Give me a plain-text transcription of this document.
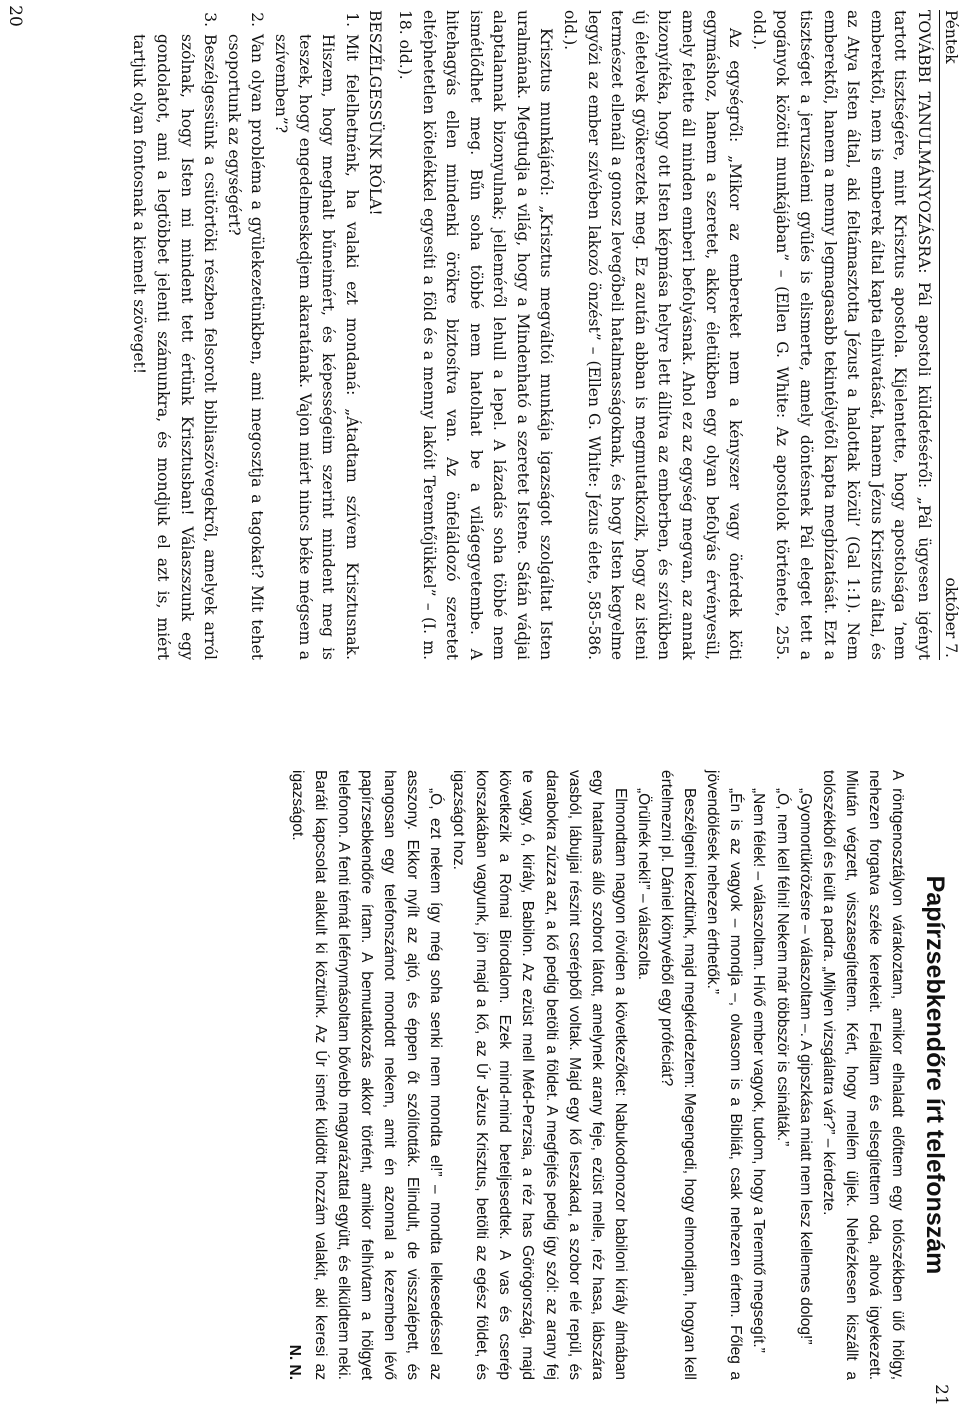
20
21
Péntek
október 7.

TOVÁBBI TANULMÁNYOZÁSRA: Pál apostoli küldetéséről: „Pál ügyesen igényt tartott tisztségére, mint Krisztus apostola. Kijelentette, hogy apostolsága ’nem emberektől, nem is emberek által kapta elhivatását, hanem Jézus Krisztus által, és az Atya Isten által, aki feltámasztotta Jézust a halottak közül’ (Gal 1:1). Nem emberektől, hanem a menny legmagasabb tekintélyétől kapta megbízatását. Ezt a tisztséget a jeruzsálemi gyűlés is elismerte, amely döntésnek Pál eleget tett a pogányok közötti munkájában” – (Ellen G. White: Az apostolok története, 255. old.).

Az egységről: „Mikor az embereket nem a kényszer vagy önérdek köti egymáshoz, hanem a szeretet, akkor életükben egy olyan befolyás érvényesül, amely felette áll minden emberi befolyásnak. Ahol ez az egység megvan, az annak bizonyítéka, hogy ott Isten képmása helyre lett állítva az emberben, és szívükben új életelvek gyökereztek meg. Ez azután abban is megmutatkozik, hogy az isteni természet ellenáll a gonosz levegőbeli hatalmasságoknak, és hogy Isten kegyelme legyőzi az ember szívében lakozó önzést” – (Ellen G. White: Jézus élete, 585-586. old.).

Krisztus munkájáról: „Krisztus megváltói munkája igazságot szolgáltat Isten uralmának. Megtudja a világ, hogy a Mindenható a szeretet Istene. Sátán vádjai alaptalannak bizonyulnak; jelleméről lehull a lepel. A lázadás soha többé nem ismétlődhet meg. Bűn soha többé nem hatolhat be a világegyetembe. A hitehagyás ellen mindenki örökre biztosítva van. Az önfeláldozó szeretet eltéphetetlen kötelékkel egyesíti a föld és a menny lakóit Teremtőjükkel” – (I. m. 18. old.).

BESZÉLGESSÜNK RÓLA!
1. Mit felelhetnénk, ha valaki ezt mondaná: „Átadtam szívem Krisztusnak. Hiszem, hogy meghalt bűneimért, és képességeim szerint mindent meg is teszek, hogy engedelmeskedjem akaratának. Vajon miért nincs béke mégsem a szívemben”?
2. Van olyan probléma a gyülekezetünkben, ami megosztja a tagokat? Mit tehet csoportunk az egységért?
3. Beszélgessünk a csütörtöki részben felsorolt bibliaszövegekről, amelyek arról szólnak, hogy Isten mi mindent tett értünk Krisztusban! Válaszszunk egy gondolatot, ami a legtöbbet jelenti számunkra, és mondjuk el azt is, miért tartjuk olyan fontosnak a kiemelt szöveget!
Papírzsebkendőre írt telefonszám

A röntgenosztályon várakoztam, amikor elhaladt előttem egy tolószékben ülő hölgy, nehezen forgatva széke kerekeit. Felálltam és elsegítettem oda, ahová igyekezett. Miután végzett, visszasegítettem. Kért, hogy mellém üljek. Nehézkesen kiszállt a tolószékből és leült a padra. „Milyen vizsgálatra vár?” – kérdezte.

„Gyomortükrözésre – válaszoltam –. A gipszkása miatt nem lesz kellemes dolog!”

„Ó, nem kell félni! Nekem már többször is csinálták.”

„Nem félek! – válaszoltam. Hívő ember vagyok, tudom, hogy a Teremtő megsegít.”

„Én is az vagyok – mondja –, olvasom is a Bibliát, csak nehezen értem. Főleg a jövendölések nehezen érthetők.”

Beszélgetni kezdtünk, majd megkérdeztem: Megengedi, hogy elmondjam, hogyan kell értelmezni pl. Dániel könyvéből egy próféciát?

„Örülnék neki!” – válaszolta.

Elmondtam nagyon röviden a következőket: Nabukodonozor babiloni király álmában egy hatalmas álló szobrot látott, amelynek arany feje, ezüst melle, réz hasa, lábszára vasból, lábujjai részint cserépből voltak. Majd egy kő leszakad, a szobor elé repül, és darabokra zúzza azt, a kő pedig betölti a földet. A megfejtés pedig így szól: az arany fej te vagy, ó, király, Babilon. Az ezüst mell Méd-Perzsia, a réz has Görögország, majd következik a Római Birodalom. Ezek mind-mind beteljesedtek. A vas és cserép korszakában vagyunk, jön majd a kő, az Úr Jézus Krisztus, betölti az egész földet, és igazságot hoz.

„Ó, ezt nekem így még soha senki nem mondta el!” – mondta lelkesedéssel az asszony. Ekkor nyílt az ajtó, és éppen őt szólították. Elindult, de visszalépett, és hangosan egy telefonszámot mondott nekem, amit én azonnal a kezemben lévő papírzsebkendőre írtam. A bemutatkozás akkor történt, amikor felhívtam a hölgyet telefonon. A fenti témát lefénymásoltam bővebb magyarázattal együtt, és elküldtem neki. Baráti kapcsolat alakult ki köztünk. Az Úr ismét küldött hozzám valakit, aki keresi az igazságot.

N. N.
